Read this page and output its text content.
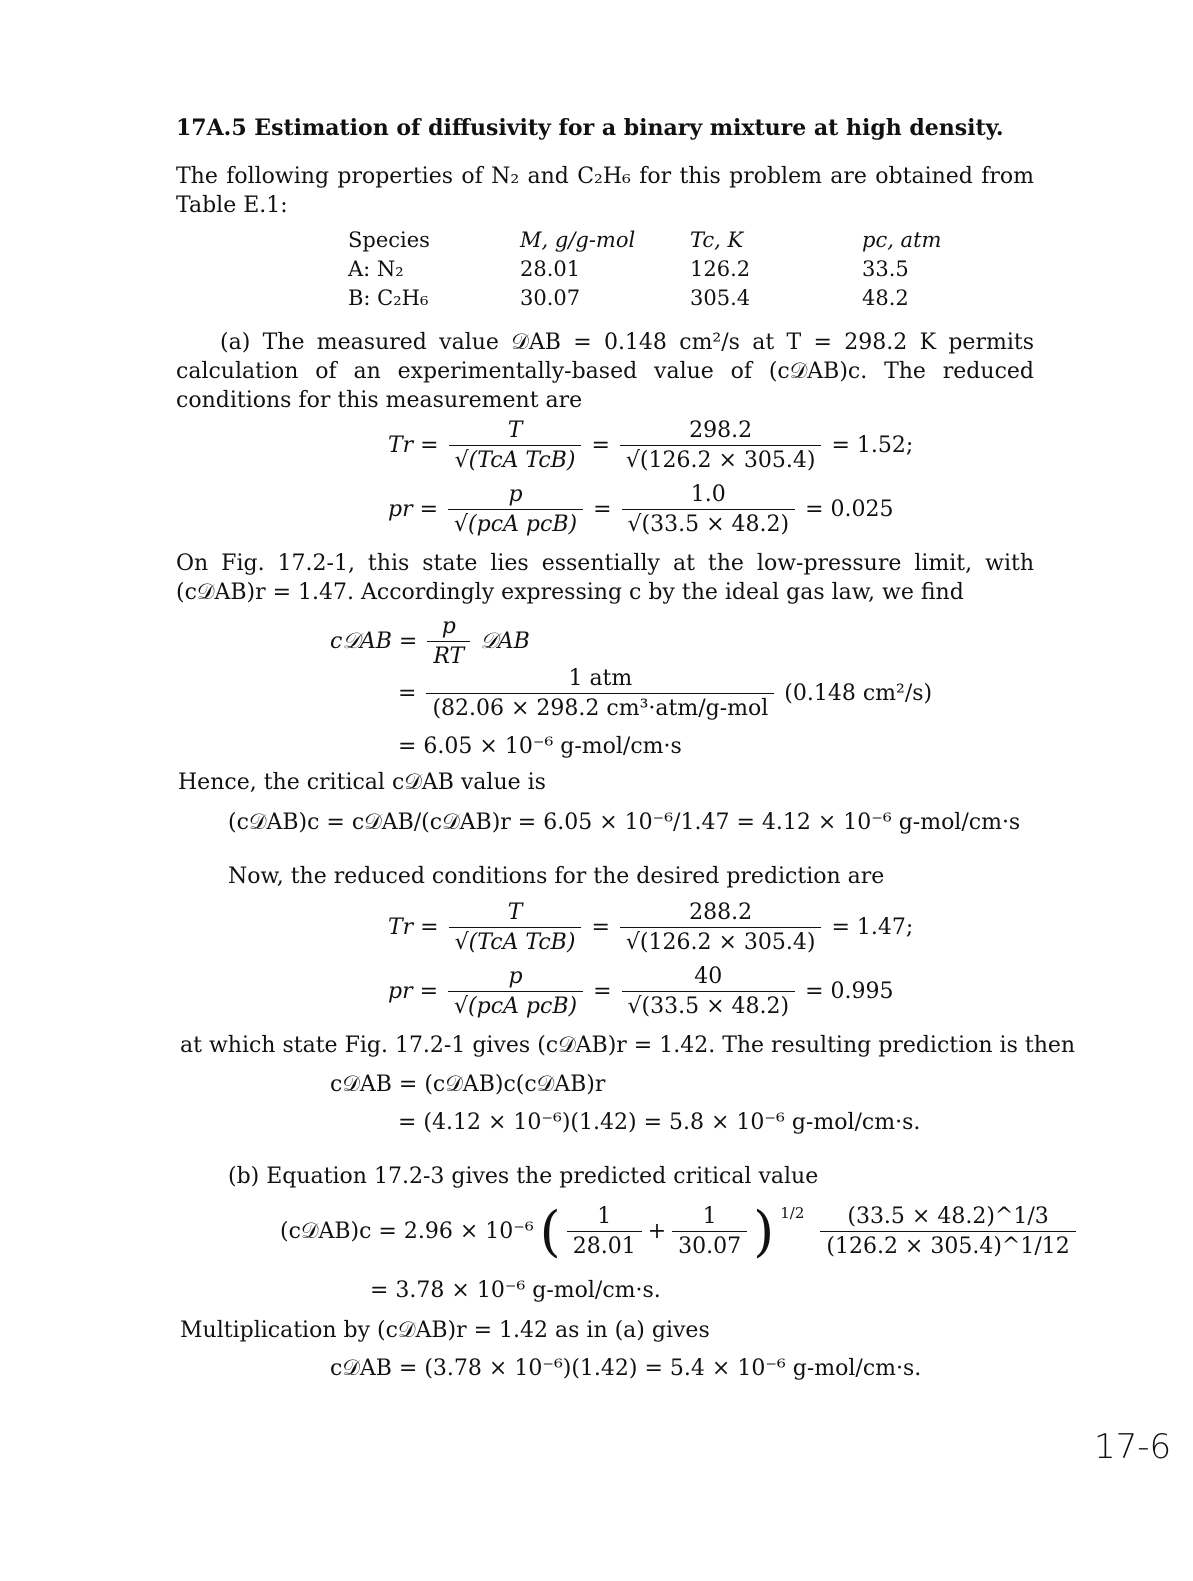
17A.5 Estimation of diffusivity for a binary mixture at high density.
The following properties of N₂ and C₂H₆ for this problem are obtained from Table E.1:
Species	M, g/g-mol	Tc, K	pc, atm
A: N₂	28.01	126.2	33.5
B: C₂H₆	30.07	305.4	48.2
(a) The measured value 𝒟AB = 0.148 cm²/s at T = 298.2 K permits calculation of an experimentally-based value of (c𝒟AB)c. The reduced conditions for this measurement are
$Tr = \frac{T}{\text{√(TcA TcB)}} = \frac{298.2}{√(126.2 \times 305.4)} = 1.52$;
pr = $\frac{p}{\text{√(pcA pcB)}} = \frac{1.0}{√(33.5 \times 48.2)} = 0.025$
On Fig. 17.2-1, this state lies essentially at the low-pressure limit, with (c𝒟AB)r = 1.47. Accordingly expressing c by the ideal gas law, we find
c𝒟AB = $\frac{p}{RT}$ 𝒟AB
= $\frac{\text{1 atm}}{\text{(82.06 × 298.2 cm³·atm/g-mol}} (0.148$ cm²/s)
= 6.05 × 10⁻⁶ g-mol/cm·s
Hence, the critical c𝒟AB value is
(c𝒟AB)c = c𝒟AB/(c𝒟AB)r = 6.05 × 10⁻⁶/1.47 = 4.12 × 10⁻⁶ g-mol/cm·s
Now, the reduced conditions for the desired prediction are
$Tr = \frac{T}{\text{√(TcA TcB)}} = \frac{288.2}{√(126.2 \times 305.4)} = 1.47$;
pr = $\frac{p}{\text{√(pcA pcB)}} = \frac{40}{√(33.5 \times 48.2)} = 0.995$
at which state Fig. 17.2-1 gives (c𝒟AB)r = 1.42. The resulting prediction is then
c𝒟AB = (c𝒟AB)c(c𝒟AB)r
= (4.12 × 10⁻⁶)(1.42) = 5.8 × 10⁻⁶ g-mol/cm·s.
(b) Equation 17.2-3 gives the predicted critical value
(c𝒟AB)c = 2.96 × 10⁻⁶ ( $\frac{1}{28.01} + \frac{1}{30.07}$ ) $1/2 \frac{(33.5 \times 48.2)\^{}1/3}{(126.2 \times 305.4)\^{}1/12}$
= 3.78 × 10⁻⁶ g-mol/cm·s.
Multiplication by (c𝒟AB)r = 1.42 as in (a) gives
c𝒟AB = (3.78 × 10⁻⁶)(1.42) = 5.4 × 10⁻⁶ g-mol/cm·s.
17-6
